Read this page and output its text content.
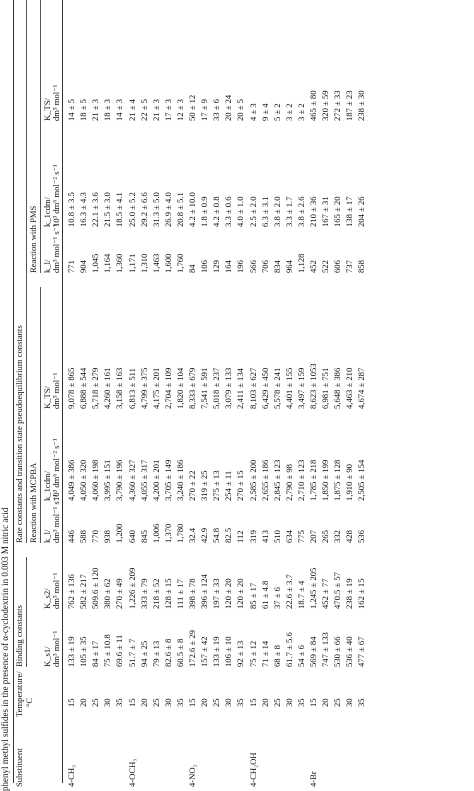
phenyl methyl sulfides in the presence of α-cyclodextrin in 0.003 M nitric acid Substituent
Temperature/ °C
Binding constants
Rate constants and transition state pseudoequilibrium constants Reaction with MCPBA
Reaction with PMS
K_s1/ dm³ mol⁻¹
K_s2/ dm³ mol⁻¹
k_l/ dm³ mol⁻¹ s⁻¹
k_1cdm/ 10³ dm⁶ mol⁻² s⁻¹
K_TS/ dm³ mol⁻¹
k_l/ dm³ mol⁻¹ s⁻¹
k_1cdm/ 10³ dm⁶ mol⁻² s⁻¹
K_TS/ dm³ mol⁻¹
4-CH₃
15
133 ± 19
762 ± 136
446
4,049 ± 386
9,078 ± 865
771
10.8 ± 3.5
14 ± 5
20
105 ± 35
582 ± 217
588
4,050 ± 320
6,888 ± 544
904
16.3 ± 4.3
18 ± 5
25
84 ± 17
509.6 ± 120
770
4,060 ± 198
5,718 ± 279
1,045
22.1 ± 3.6
21 ± 3
30
75 ± 10.8
380 ± 62
938
3,995 ± 151
4,260 ± 161
1,164
21.5 ± 3.0
18 ± 3
35
69.6 ± 11
270 ± 49
1,200
3,790 ± 196
3,158 ± 163
1,360
18.5 ± 4.1
14 ± 3
4-OCH₃
15
51.7 ± 7
1,226 ± 209
640
4,360 ± 327
6,813 ± 511
1,171
25.0 ± 5.2
21 ± 4
20
94 ± 25
333 ± 79
845
4,055 ± 317
4,799 ± 375
1,310
29.2 ± 6.6
22 ± 5
25
79 ± 13
218 ± 52
1,006
4,200 ± 201
4,175 ± 201
1,463
31.3 ± 5.0
21 ± 3
30
82.6 ± 8
128 ± 15
1,370
3,705 ± 149
2,704 ± 109
1,600
26.9 ± 4.0
17 ± 3
35
60.5 ± 8
111 ± 17
1,780
3,240 ± 186
1,820 ± 104
1,760
20.8 ± 5.1
12 ± 3
4-NO₂
15
172.6 ± 29
398 ± 78
32.4
270 ± 22
8,333 ± 679
84
4.2 ± 10.0
50 ± 12
20
157 ± 42
396 ± 124
42.9
319 ± 25
7,541 ± 591
106
1.8 ± 0.9
17 ± 9
25
133 ± 19
197 ± 33
54.8
275 ± 13
5,018 ± 237
129
4.2 ± 0.8
33 ± 6
30
106 ± 10
120 ± 20
82.5
254 ± 11
3,079 ± 133
164
3.3 ± 0.6
20 ± 24
35
92 ± 13
120 ± 20
112
270 ± 15
2,411 ± 134
196
4.0 ± 1.0
20 ± 5
4-CH₂OH
15
75 ± 12
85 ± 17
319
2,585 ± 200
8,103 ± 627
566
2.5 ± 2.0
4 ± 3
20
71 ± 14
61 ± 4.8
413
2,655 ± 186
6,429 ± 450
706
6.3 ± 3.1
9 ± 4
25
68 ± 8
37 ± 6
510
2,845 ± 123
5,578 ± 241
834
3.8 ± 2.0
5 ± 2
30
61.7 ± 5.6
22.6 ± 3.7
634
2,790 ± 98
4,401 ± 155
964
3.3 ± 1.7
3 ± 2
35
54 ± 6
18.7 ± 4
775
2,710 ± 123
3,497 ± 159
1,128
3.8 ± 2.6
3 ± 2
4-Br
15
569 ± 84
1,245 ± 205
207
1,785 ± 218
8,623 ± 1053
452
210 ± 36
465 ± 80
20
747 ± 133
452 ± 77
265
1,850 ± 199
6,981 ± 751
522
167 ± 31
320 ± 59
25
530 ± 66
470.5 ± 57
332
1,875 ± 128
5,648 ± 386
606
165 ± 20
272 ± 33
30
536 ± 40
238 ± 19
428
1,910 ± 90
4,463 ± 210
737
138 ± 17
187 ± 23
35
477 ± 67
162 ± 15
536
2,505 ± 154
4,674 ± 287
858
204 ± 26
238 ± 30
